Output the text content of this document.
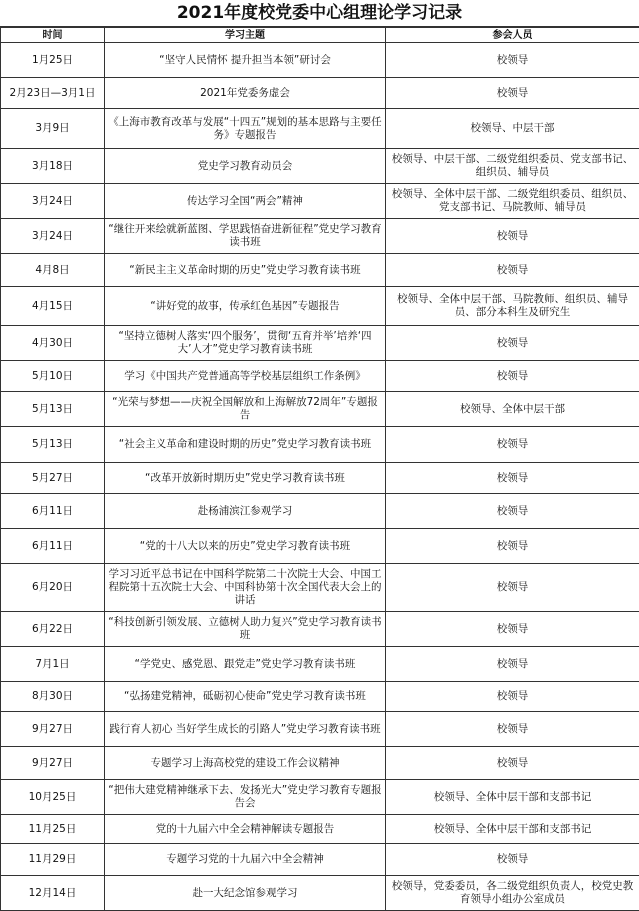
2021年度校党委中心组理论学习记录
时间	学习主题	参会人员
1月25日	“坚守人民情怀 提升担当本领”研讨会	校领导
2月23日—3月1日	2021年党委务虚会	校领导
3月9日	《上海市教育改革与发展“十四五”规划的基本思路与主要任务》专题报告	校领导、中层干部
3月18日	党史学习教育动员会	校领导、中层干部、二级党组织委员、党支部书记、组织员、辅导员
3月24日	传达学习全国“两会”精神	校领导、全体中层干部、二级党组织委员、组织员、党支部书记、马院教师、辅导员
3月24日	“继往开来绘就新蓝图、学思践悟奋进新征程”党史学习教育读书班	校领导
4月8日	“新民主主义革命时期的历史”党史学习教育读书班	校领导
4月15日	“讲好党的故事，传承红色基因”专题报告	校领导、全体中层干部、马院教师、组织员、辅导员、部分本科生及研究生
4月30日	“坚持立德树人落实‘四个服务’，贯彻‘五育并举’培养‘四大’人才”党史学习教育读书班	校领导
5月10日	学习《中国共产党普通高等学校基层组织工作条例》	校领导
5月13日	“光荣与梦想——庆祝全国解放和上海解放72周年”专题报告	校领导、全体中层干部
5月13日	“社会主义革命和建设时期的历史”党史学习教育读书班	校领导
5月27日	“改革开放新时期历史”党史学习教育读书班	校领导
6月11日	赴杨浦滨江参观学习	校领导
6月11日	“党的十八大以来的历史”党史学习教育读书班	校领导
6月20日	学习习近平总书记在中国科学院第二十次院士大会、中国工程院第十五次院士大会、中国科协第十次全国代表大会上的讲话	校领导
6月22日	“科技创新引领发展、立德树人助力复兴”党史学习教育读书班	校领导
7月1日	“学党史、感党恩、跟党走”党史学习教育读书班	校领导
8月30日	“弘扬建党精神，砥砺初心使命”党史学习教育读书班	校领导
9月27日	践行育人初心 当好学生成长的引路人”党史学习教育读书班	校领导
9月27日	专题学习上海高校党的建设工作会议精神	校领导
10月25日	“把伟大建党精神继承下去、发扬光大”党史学习教育专题报告会	校领导、全体中层干部和支部书记
11月25日	党的十九届六中全会精神解读专题报告	校领导、全体中层干部和支部书记
11月29日	专题学习党的十九届六中全会精神	校领导
12月14日	赴一大纪念馆参观学习	校领导，党委委员，各二级党组织负责人，校党史教育领导小组办公室成员
